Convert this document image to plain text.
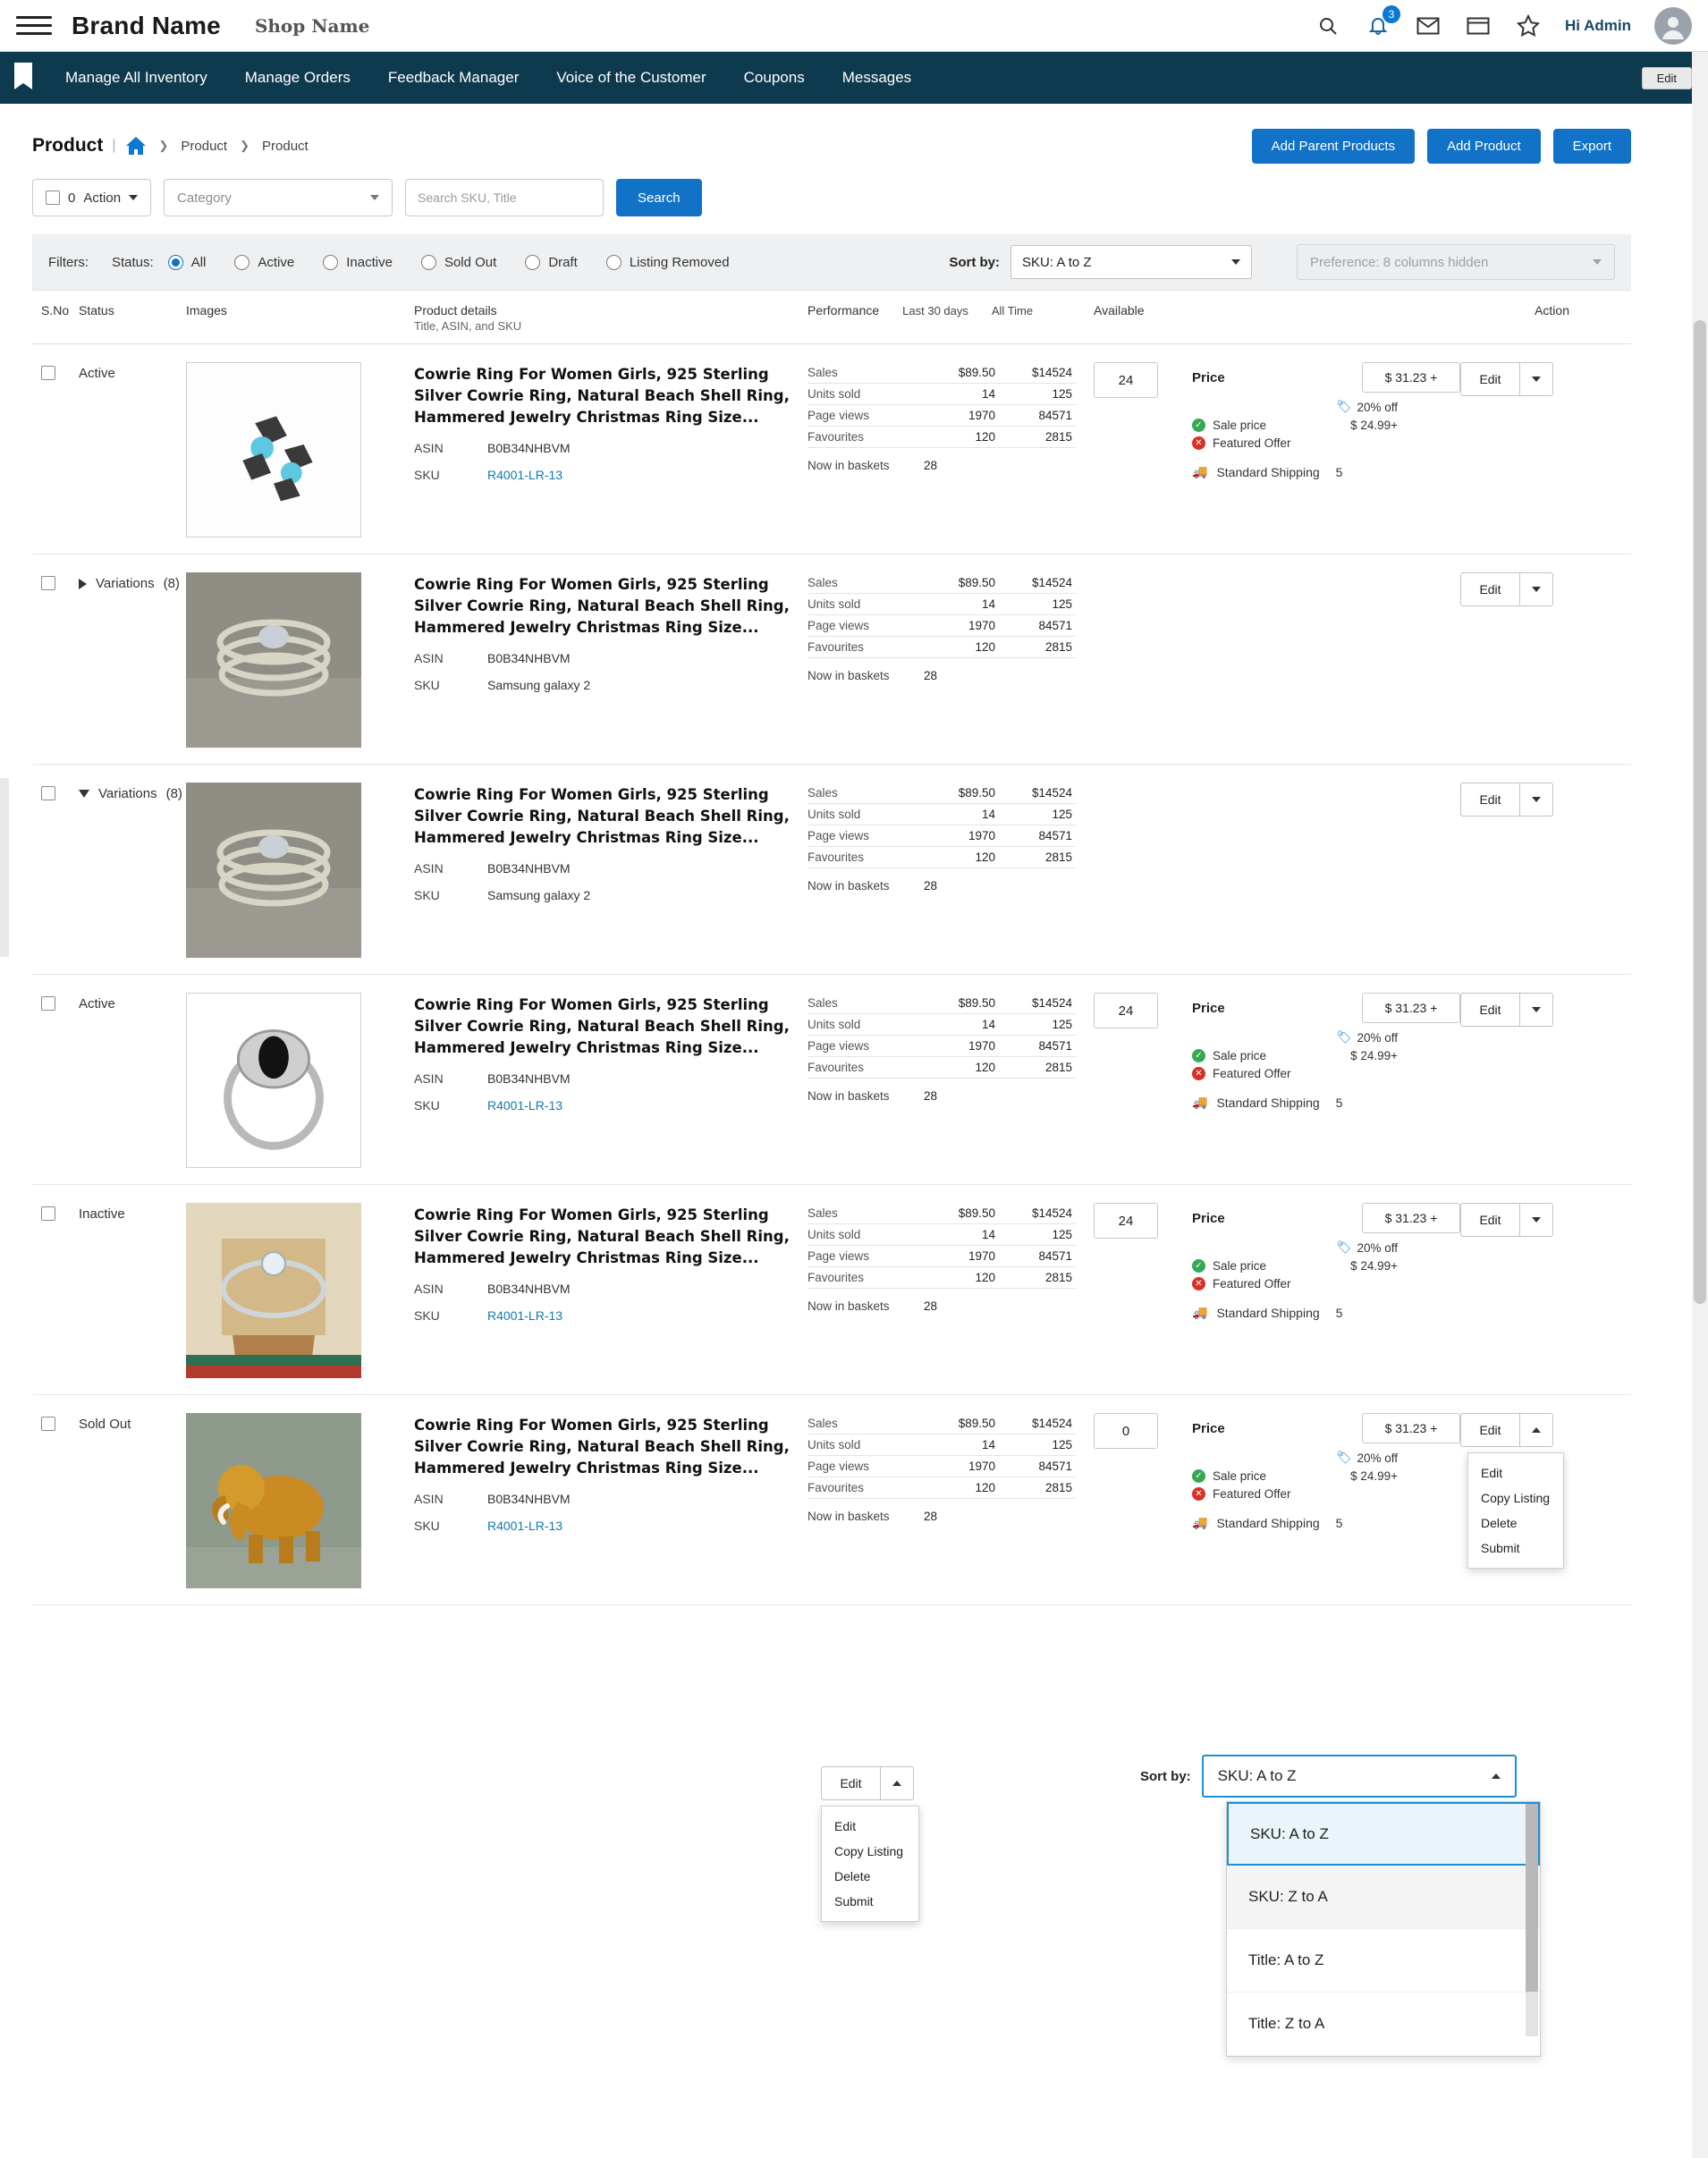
Brand Name Shop Name
3
Hi Admin
Manage All Inventory	Manage Orders	Feedback Manager	Voice of the Customer	Coupons	Messages	Edit
Product |	❯ Product ❯ Product	Add Parent Products	Add Product	Export
0 Action	Category
Search SKU, Title	Search
Filters: Status:	All	Active	Inactive	Sold Out	Draft	Listing Removed	Sort by: SKU: A to Z	Preference: 8 columns hidden
S.No Status	Images	Product details
Title, ASIN, and SKU
Performance Last 30 days All Time	Available	Action
Active	Cowrie Ring For Women Girls, 925 Sterling Silver Cowrie Ring, Natural Beach Shell Ring, Hammered Jewelry Christmas Ring Size...
ASIN	B0B34NHBVM
SKU	R4001-LR-13
Sales	$89.50	$14524
Units sold	14	125
Page views	1970	84571
Favourites	120	2815
Now in baskets	28
24	Price	$ 31.23 +
🏷 20% off
✓ Sale price	$ 24.99+
✕ Featured Offer
🚚 Standard Shipping 5
Edit
Variations (8)	Cowrie Ring For Women Girls, 925 Sterling Silver Cowrie Ring, Natural Beach Shell Ring, Hammered Jewelry Christmas Ring Size...
ASIN	B0B34NHBVM
SKU	Samsung galaxy 2
Sales	$89.50	$14524
Units sold	14	125
Page views	1970	84571
Favourites	120	2815
Now in baskets	28
Edit
Variations (8)	Cowrie Ring For Women Girls, 925 Sterling Silver Cowrie Ring, Natural Beach Shell Ring, Hammered Jewelry Christmas Ring Size...
ASIN	B0B34NHBVM
SKU	Samsung galaxy 2
Sales	$89.50	$14524
Units sold	14	125
Page views	1970	84571
Favourites	120	2815
Now in baskets	28
Edit
Active	Cowrie Ring For Women Girls, 925 Sterling Silver Cowrie Ring, Natural Beach Shell Ring, Hammered Jewelry Christmas Ring Size...
ASIN	B0B34NHBVM
SKU	R4001-LR-13
Sales	$89.50	$14524
Units sold	14	125
Page views	1970	84571
Favourites	120	2815
Now in baskets	28
24	Price	$ 31.23 +
🏷 20% off
✓ Sale price	$ 24.99+
✕ Featured Offer
🚚 Standard Shipping 5
Edit
Inactive	Cowrie Ring For Women Girls, 925 Sterling Silver Cowrie Ring, Natural Beach Shell Ring, Hammered Jewelry Christmas Ring Size...
ASIN	B0B34NHBVM
SKU	R4001-LR-13
Sales	$89.50	$14524
Units sold	14	125
Page views	1970	84571
Favourites	120	2815
Now in baskets	28
24	Price	$ 31.23 +
🏷 20% off
✓ Sale price	$ 24.99+
✕ Featured Offer
🚚 Standard Shipping 5
Edit
Sold Out	Cowrie Ring For Women Girls, 925 Sterling Silver Cowrie Ring, Natural Beach Shell Ring, Hammered Jewelry Christmas Ring Size...
ASIN	B0B34NHBVM
SKU	R4001-LR-13
Sales	$89.50	$14524
Units sold	14	125
Page views	1970	84571
Favourites	120	2815
Now in baskets	28
0	Price	$ 31.23 +
🏷 20% off
✓ Sale price	$ 24.99+
✕ Featured Offer
🚚 Standard Shipping 5
Edit
Edit
Copy Listing
Delete
Submit
Edit
Edit
Copy Listing
Delete
Submit
Sort by: SKU: A to Z
SKU: A to Z
SKU: Z to A
Title: A to Z
Title: Z to A
